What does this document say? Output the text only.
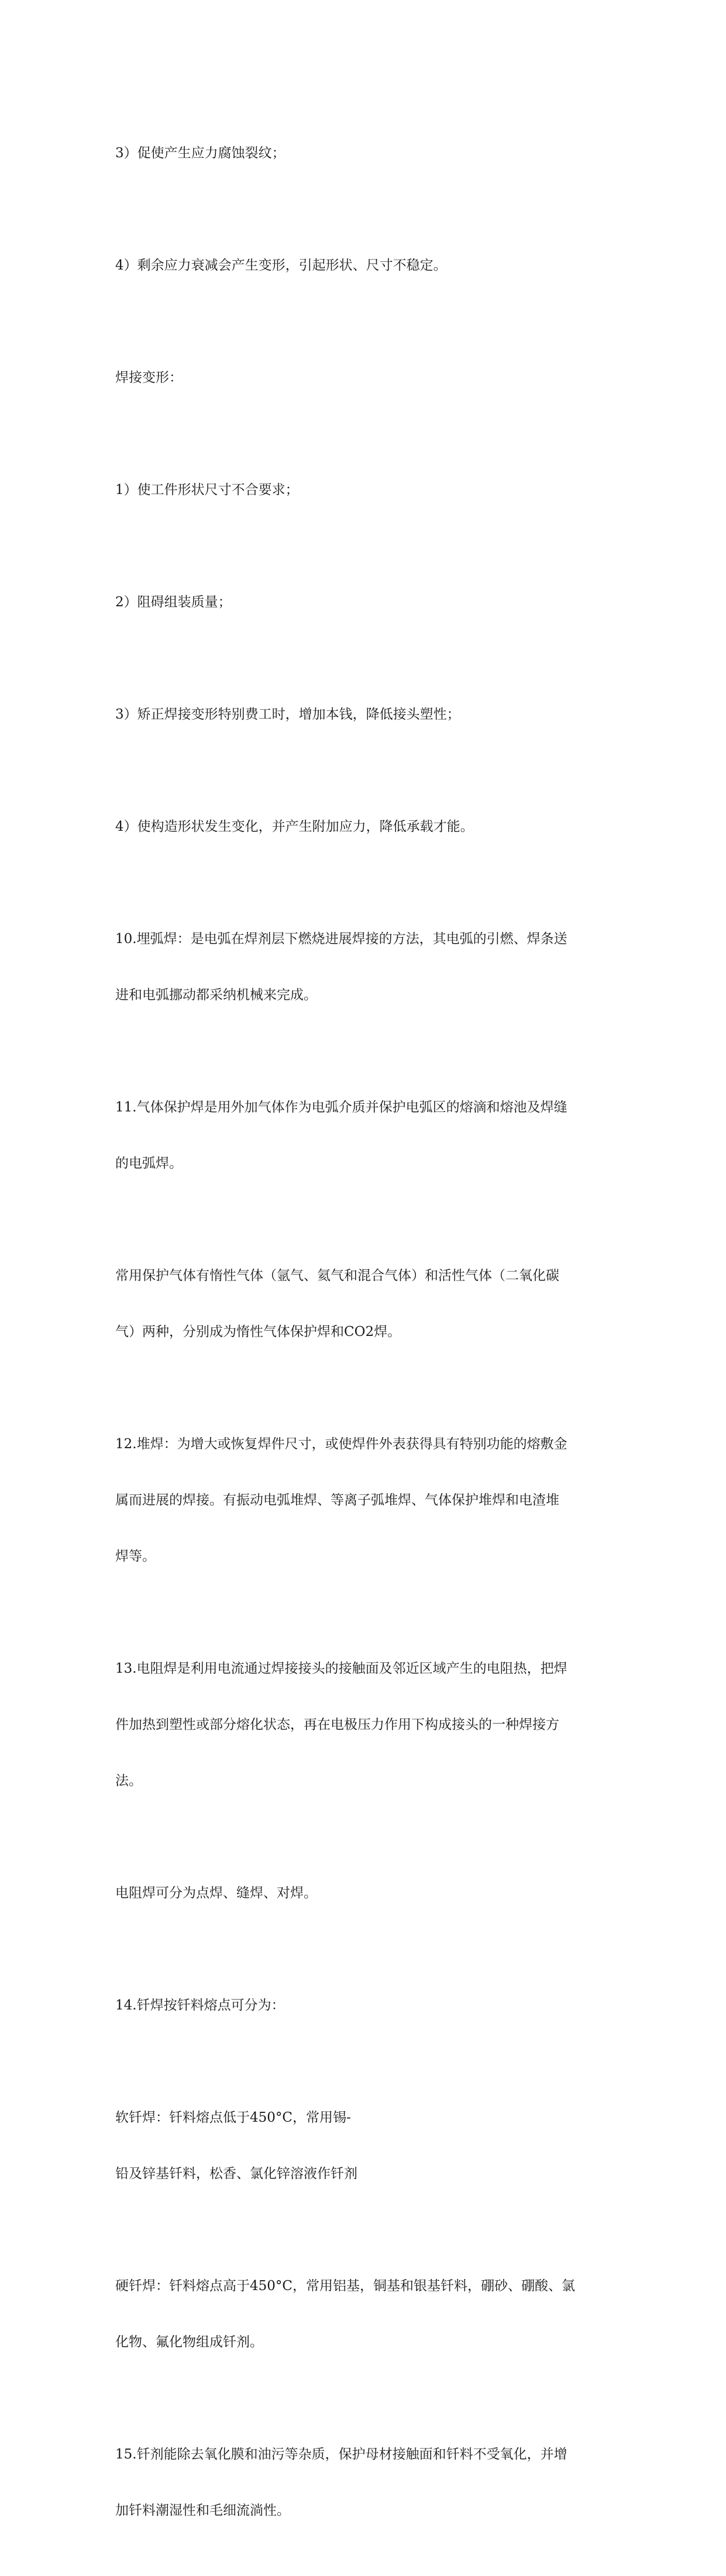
3）促使产生应力腐蚀裂纹；

4）剩余应力衰减会产生变形，引起形状、尺寸不稳定。

焊接变形：

1）使工件形状尺寸不合要求；

2）阻碍组装质量；

3）矫正焊接变形特别费工时，增加本钱，降低接头塑性；

4）使构造形状发生变化，并产生附加应力，降低承载才能。

10.埋弧焊：是电弧在焊剂层下燃烧进展焊接的方法，其电弧的引燃、焊条送

进和电弧挪动都采纳机械来完成。

11.气体保护焊是用外加气体作为电弧介质并保护电弧区的熔滴和熔池及焊缝

的电弧焊。

常用保护气体有惰性气体（氩气、氦气和混合气体）和活性气体（二氧化碳

气）两种，分别成为惰性气体保护焊和CO2焊。

12.堆焊：为增大或恢复焊件尺寸，或使焊件外表获得具有特别功能的熔敷金

属而进展的焊接。有振动电弧堆焊、等离子弧堆焊、气体保护堆焊和电渣堆

焊等。

13.电阻焊是利用电流通过焊接接头的接触面及邻近区域产生的电阻热，把焊

件加热到塑性或部分熔化状态，再在电极压力作用下构成接头的一种焊接方

法。

电阻焊可分为点焊、缝焊、对焊。

14.钎焊按钎料熔点可分为：

软钎焊：钎料熔点低于450°C，常用锡-

铅及锌基钎料，松香、氯化锌溶液作钎剂

硬钎焊：钎料熔点高于450°C，常用铝基，铜基和银基钎料，硼砂、硼酸、氯

化物、氟化物组成钎剂。

15.钎剂能除去氧化膜和油污等杂质，保护母材接触面和钎料不受氧化，并增

加钎料潮湿性和毛细流淌性。
